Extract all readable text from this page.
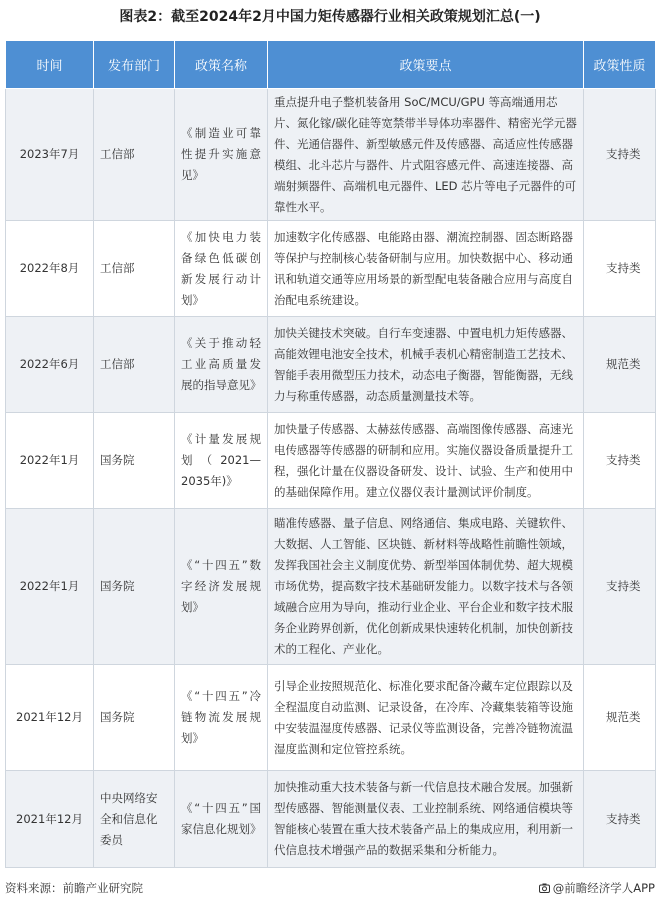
图表2：截至2024年2月中国力矩传感器行业相关政策规划汇总(一)
时间	发布部门	政策名称	政策要点	政策性质
2023年7月	工信部	《制造业可靠性提升实施意见》	重点提升电子整机装备用 SoC/MCU/GPU 等高端通用芯片、氮化镓/碳化硅等宽禁带半导体功率器件、精密光学元器件、光通信器件、新型敏感元件及传感器、高适应性传感器模组、北斗芯片与器件、片式阻容感元件、高速连接器、高端射频器件、高端机电元器件、LED 芯片等电子元器件的可靠性水平。	支持类
2022年8月	工信部	《加快电力装备绿色低碳创新发展行动计划》	加速数字化传感器、电能路由器、潮流控制器、固态断路器等保护与控制核心装备研制与应用。加快数据中心、移动通讯和轨道交通等应用场景的新型配电装备融合应用与高度自治配电系统建设。	支持类
2022年6月	工信部	《关于推动轻工业高质量发展的指导意见》	加快关键技术突破。自行车变速器、中置电机力矩传感器、高能效锂电池安全技术，机械手表机心精密制造工艺技术、智能手表用微型压力技术，动态电子衡器，智能衡器，无线力与称重传感器，动态质量测量技术等。	规范类
2022年1月	国务院	《计量发展规划（2021—2035年)》	加快量子传感器、太赫兹传感器、高端图像传感器、高速光电传感器等传感器的研制和应用。实施仪器设备质量提升工程，强化计量在仪器设备研发、设计、试验、生产和使用中的基础保障作用。建立仪器仪表计量测试评价制度。	支持类
2022年1月	国务院	《“十四五”数字经济发展规划》	瞄准传感器、量子信息、网络通信、集成电路、关键软件、大数据、人工智能、区块链、新材料等战略性前瞻性领域，发挥我国社会主义制度优势、新型举国体制优势、超大规模市场优势，提高数字技术基础研发能力。以数字技术与各领域融合应用为导向，推动行业企业、平台企业和数字技术服务企业跨界创新，优化创新成果快速转化机制，加快创新技术的工程化、产业化。	支持类
2021年12月	国务院	《“十四五”冷链物流发展规划》	引导企业按照规范化、标准化要求配备冷藏车定位跟踪以及全程温度自动监测、记录设备，在冷库、冷藏集装箱等设施中安装温湿度传感器、记录仪等监测设备，完善冷链物流温湿度监测和定位管控系统。	规范类
2021年12月	中央网络安全和信息化委员	《“十四五”国家信息化规划》	加快推动重大技术装备与新一代信息技术融合发展。加强新型传感器、智能测量仪表、工业控制系统、网络通信模块等智能核心装置在重大技术装备产品上的集成应用，利用新一代信息技术增强产品的数据采集和分析能力。	支持类
资料来源：前瞻产业研究院	@前瞻经济学人APP
